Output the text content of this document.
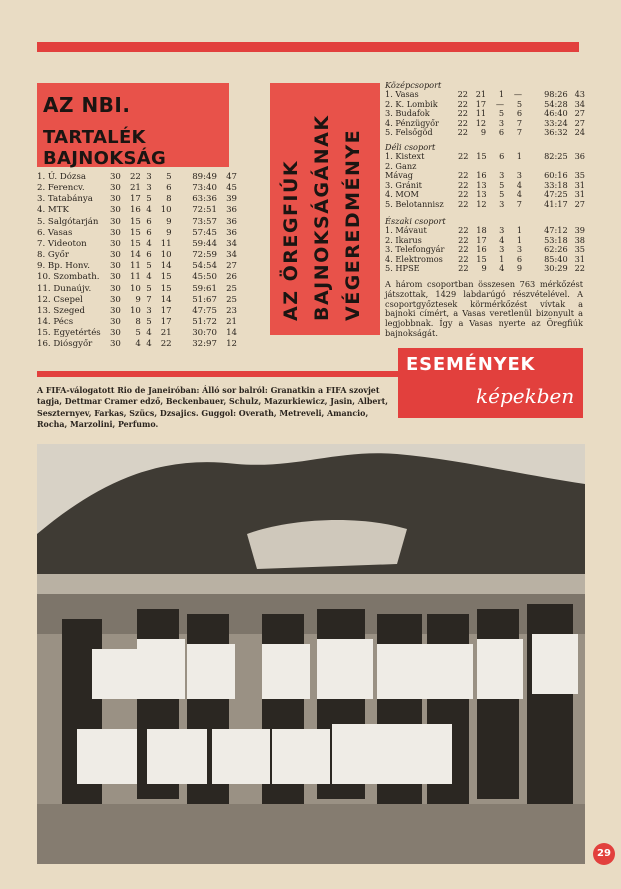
AZ NBI.
TARTALÉK BAJNOKSÁG
1. Ú. Dózsa	30	22	3	5	89:49	47
2. Ferencv.	30	21	3	6	73:40	45
3. Tatabánya	30	17	5	8	63:36	39
4. MTK	30	16	4	10	72:51	36
5. Salgótarján	30	15	6	9	73:57	36
6. Vasas	30	15	6	9	57:45	36
7. Videoton	30	15	4	11	59:44	34
8. Győr	30	14	6	10	72:59	34
9. Bp. Honv.	30	11	5	14	54:54	27
10. Szombath.	30	11	4	15	45:50	26
11. Dunaújv.	30	10	5	15	59:61	25
12. Csepel	30	9	7	14	51:67	25
13. Szeged	30	10	3	17	47:75	23
14. Pécs	30	8	5	17	51:72	21
15. Egyetértés	30	5	4	21	30:70	14
16. Diósgyőr	30	4	4	22	32:97	12
AZ ÖREGFIÚK BAJNOKSÁGÁNAK VÉGEREDMÉNYE
Középcsoport
1. Vasas	22	21	1	—	98:26	43
2. K. Lombik	22	17	—	5	54:28	34
3. Budafok	22	11	5	6	46:40	27
4. Pénzügyőr	22	12	3	7	33:24	27
5. Felsőgöd	22	9	6	7	36:32	24
Déli csoport
1. Kistext	22	15	6	1	82:25	36
2. Ganz						
Mávag	22	16	3	3	60:16	35
3. Gránit	22	13	5	4	33:18	31
4. MOM	22	13	5	4	47:25	31
5. Belotannisz	22	12	3	7	41:17	27
Északi csoport
1. Mávaut	22	18	3	1	47:12	39
2. Ikarus	22	17	4	1	53:18	38
3. Telefongyár	22	16	3	3	62:26	35
4. Elektromos	22	15	1	6	85:40	31
5. HPSE	22	9	4	9	30:29	22
A három csoportban összesen 763 mérkőzést játszottak, 1429 labdarúgó részvételével. A csoportgyőztesek körmérkőzést vívtak a bajnoki címért, a Vasas veretlenül bizonyult a legjobbnak. Így a Vasas nyerte az Öregfiúk bajnokságát.
ESEMÉNYEK
képekben
A FIFA-válogatott Rio de Janeiróban: Álló sor balról: Granatkin a FIFA szovjet tagja, Dettmar Cramer edző, Beckenbauer, Schulz, Mazurkiewicz, Jasin, Albert, Seszternyev, Farkas, Szücs, Dzsajics. Guggol: Overath, Metreveli, Amancio, Rocha, Marzolini, Perfumo.
29
